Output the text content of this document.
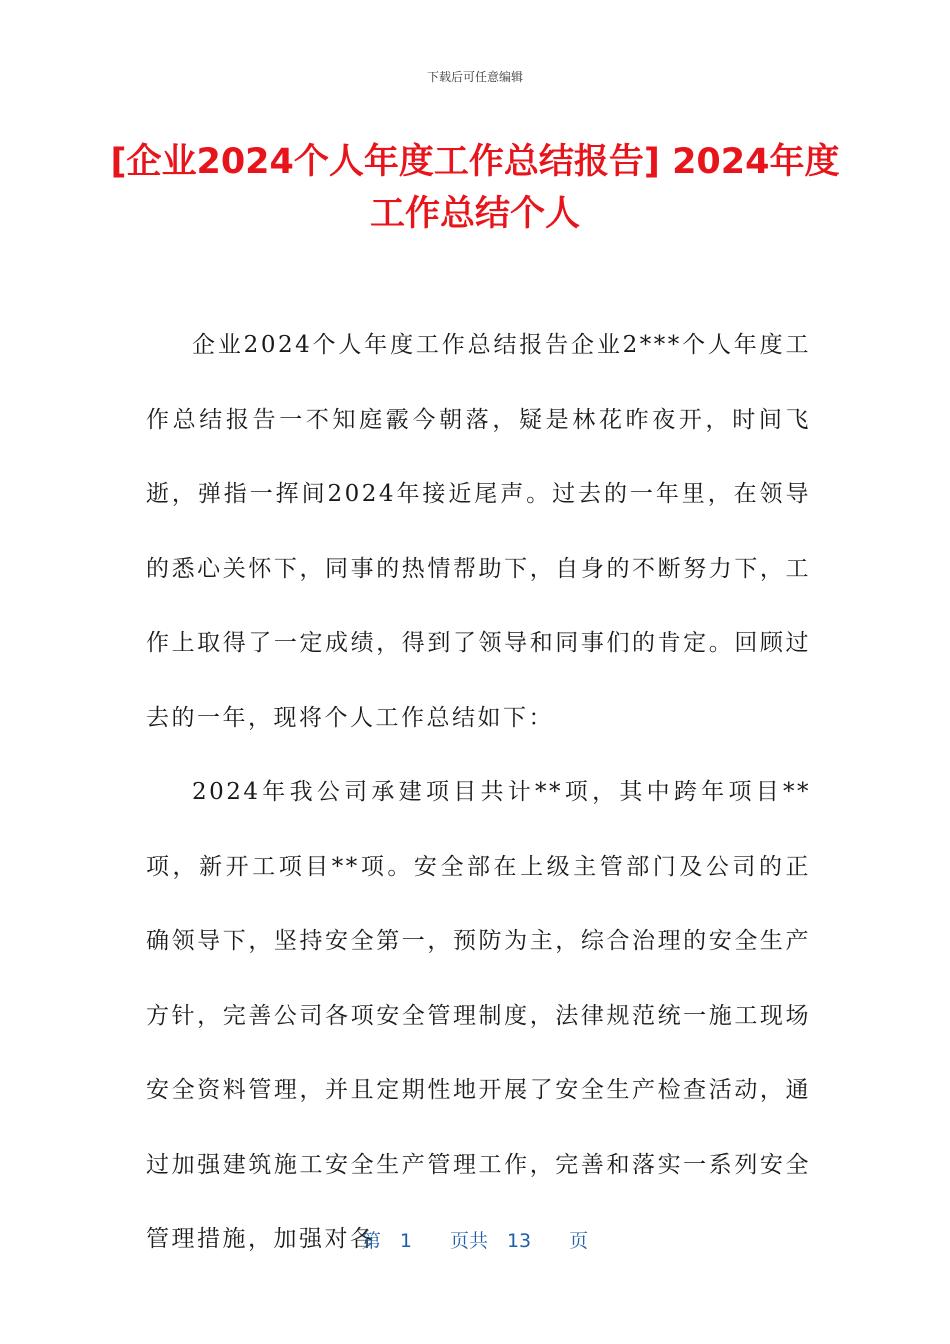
下载后可任意编辑
[企业2024个人年度工作总结报告] 2024年度工作总结个人

企业2024个人年度工作总结报告企业2***个人年度工作总结报告一不知庭霰今朝落，疑是林花昨夜开，时间飞逝，弹指一挥间2024年接近尾声。过去的一年里，在领导的悉心关怀下，同事的热情帮助下，自身的不断努力下，工作上取得了一定成绩，得到了领导和同事们的肯定。回顾过去的一年，现将个人工作总结如下：

2024年我公司承建项目共计**项，其中跨年项目**项，新开工项目**项。安全部在上级主管部门及公司的正确领导下，坚持安全第一，预防为主，综合治理的安全生产方针，完善公司各项安全管理制度，法律规范统一施工现场安全资料管理，并且定期性地开展了安全生产检查活动，通过加强建筑施工安全生产管理工作，完善和落实一系列安全管理措施，加强对各

第　1　　页共　13　　页
